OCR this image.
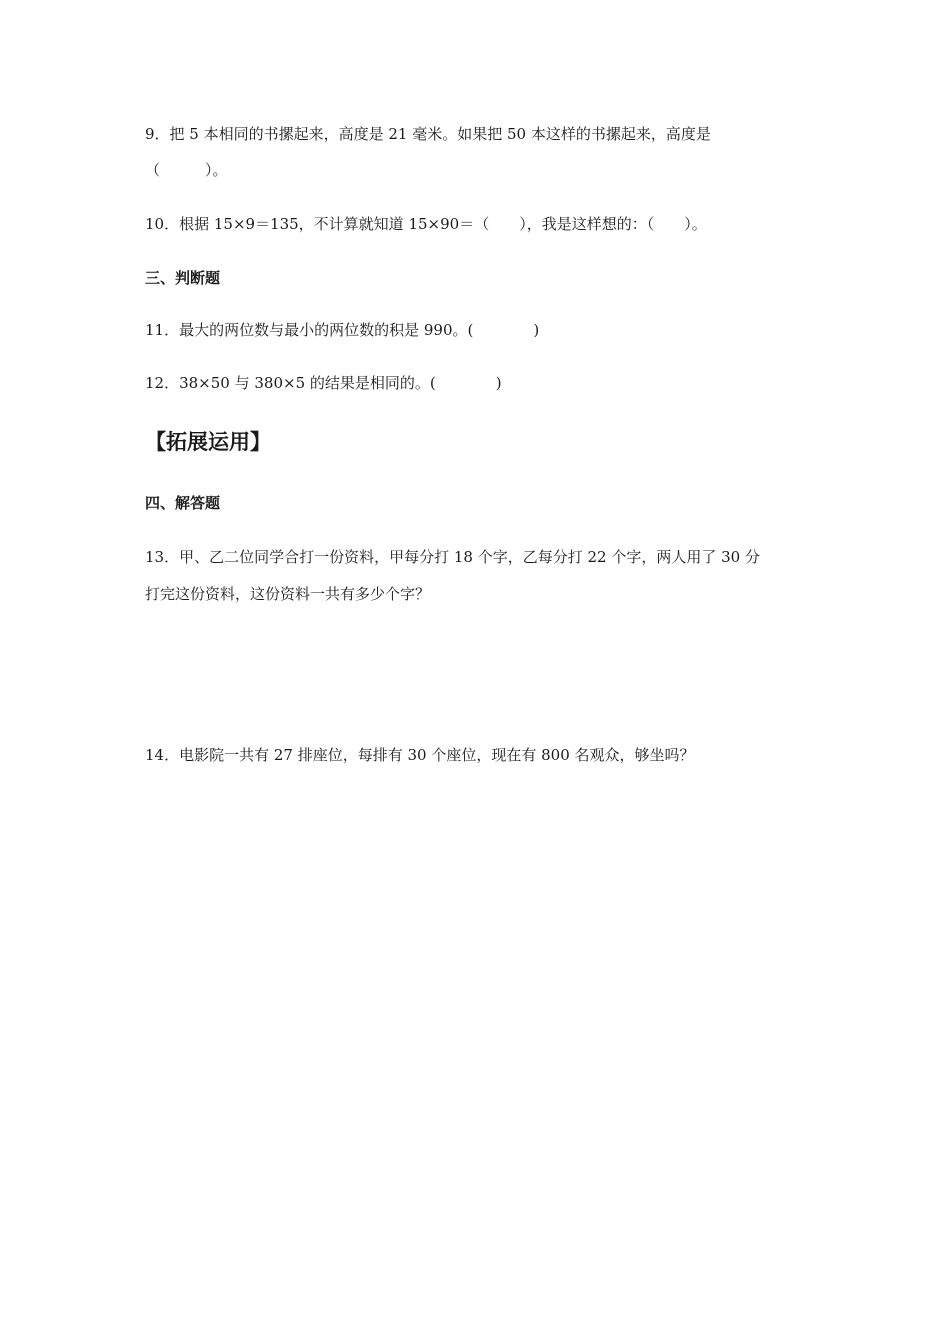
9．把 5 本相同的书摞起来，高度是 21 毫米。如果把 50 本这样的书摞起来，高度是
（　　　）。
10．根据 15×9＝135，不计算就知道 15×90＝（　　），我是这样想的：（　　）。
三、判断题
11．最大的两位数与最小的两位数的积是 990。(　　　　)
12．38×50 与 380×5 的结果是相同的。(　　　　)
【拓展运用】
四、解答题
13．甲、乙二位同学合打一份资料，甲每分打 18 个字，乙每分打 22 个字，两人用了 30 分
打完这份资料，这份资料一共有多少个字？
14．电影院一共有 27 排座位，每排有 30 个座位，现在有 800 名观众，够坐吗？
